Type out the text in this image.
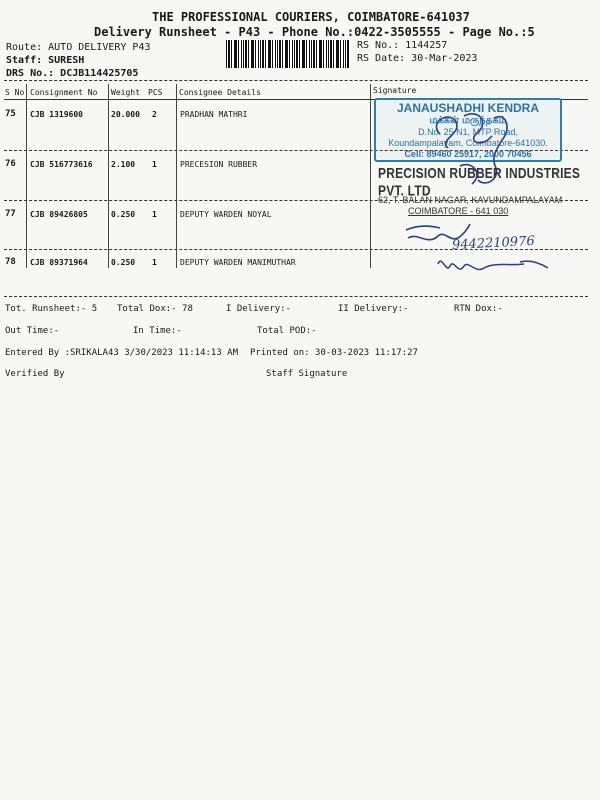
THE PROFESSIONAL COURIERS, COIMBATORE-641037
Delivery Runsheet - P43 - Phone No.:0422-3505555 - Page No.:5
Route: AUTO DELIVERY P43
Staff: SURESH
DRS No.: DCJB114425705
RS No.: 1144257
RS Date: 30-Mar-2023
S No Consignment No Weight PCS Consignee Details	Signature
75 CJB 1319600	20.000 2	PRADHAN MATHRI
76 CJB 516773616 2.100 1	PRECESION RUBBER
77 CJB 89426805	0.250 1	DEPUTY WARDEN NOYAL
78 CJB 89371964	0.250 1	DEPUTY WARDEN MANIMUTHAR
JANAUSHADHI KENDRA
மக்கள் மருந்தகம்
D.No. 25 N1, MTP Road,
Koundampalayam, Coimbatore-641030.
Cell: 89460 25917, 2000 70456
PRECISION RUBBER INDUSTRIES PVT. LTD
62, T. BALAN NAGAR, KAVUNDAMPALAYAM
COIMBATORE - 641 030
9442210976
Tot. Runsheet:- 5 Total Dox:- 78	I Delivery:-	II Delivery:-	RTN Dox:-
Out Time:-	In Time:-	Total POD:-
Entered By :SRIKALA43 3/30/2023 11:14:13 AM Printed on: 30-03-2023 11:17:27
Verified By	Staff Signature
